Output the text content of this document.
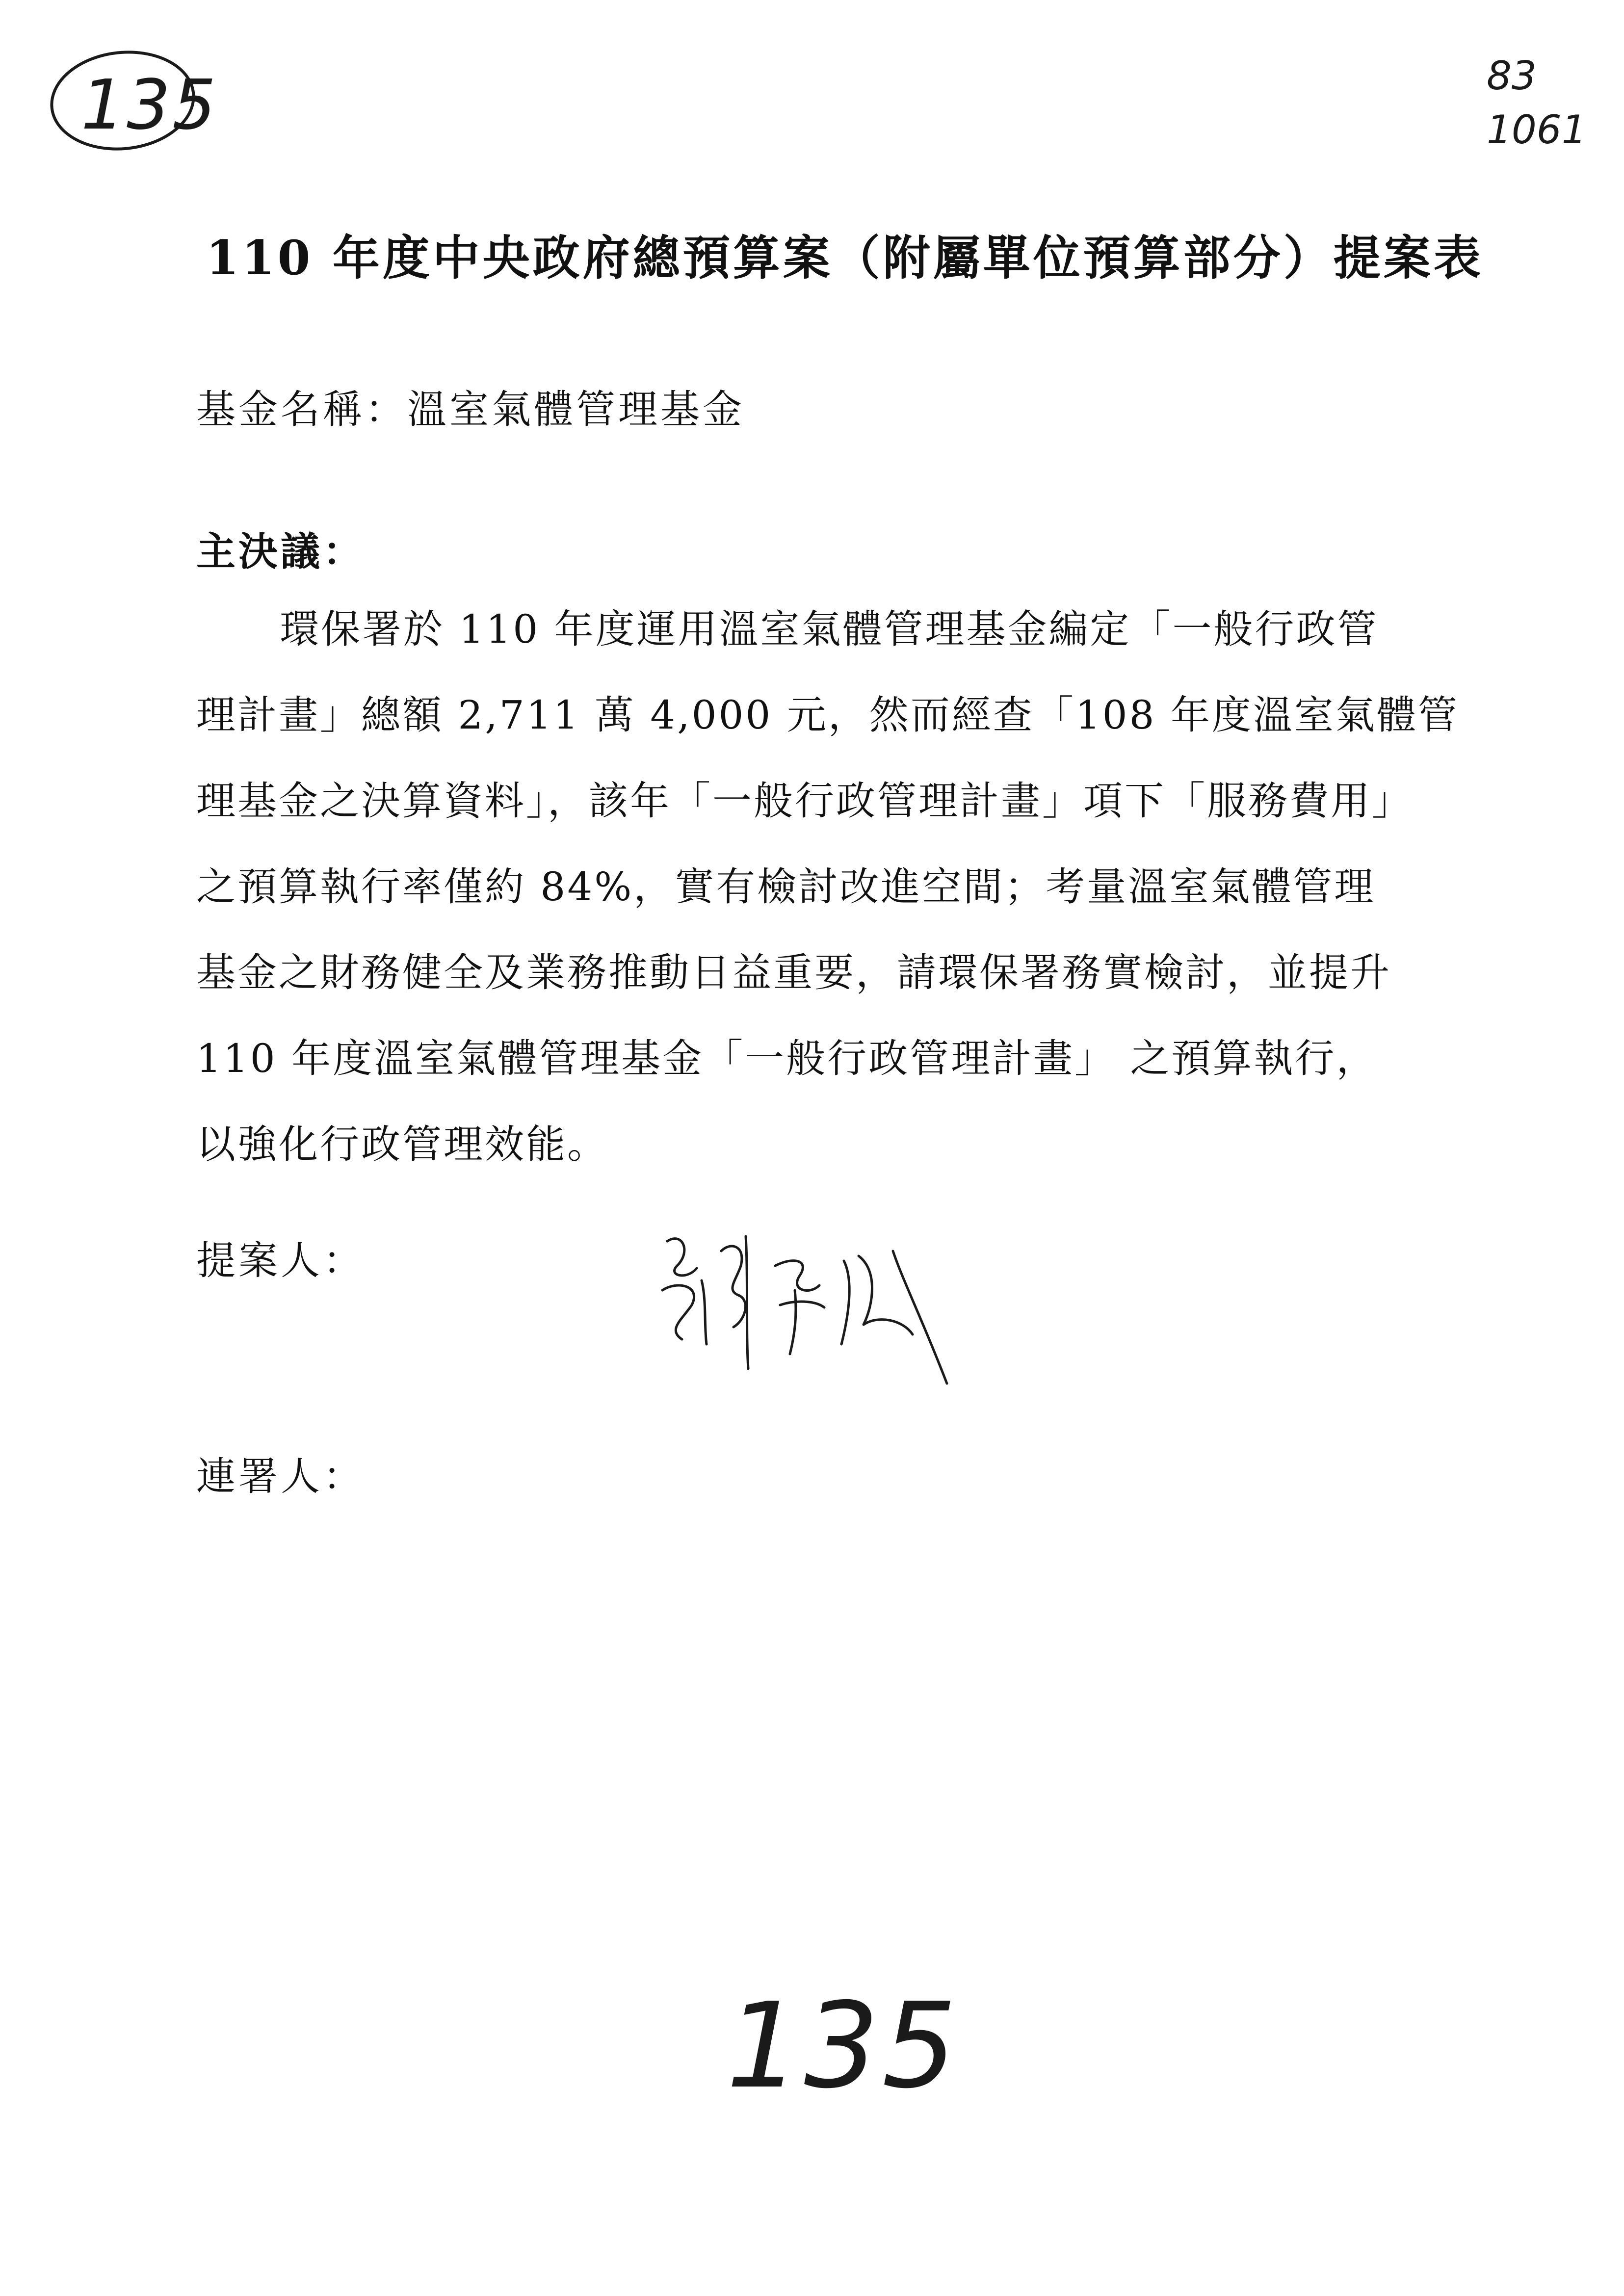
135	83
1061
110 年度中央政府總預算案（附屬單位預算部分）提案表
基金名稱：溫室氣體管理基金
主決議：
環保署於 110 年度運用溫室氣體管理基金編定「一般行政管
理計畫」總額 2,711 萬 4,000 元，然而經查「108 年度溫室氣體管
理基金之決算資料」，該年「一般行政管理計畫」項下「服務費用」
之預算執行率僅約 84%，實有檢討改進空間；考量溫室氣體管理
基金之財務健全及業務推動日益重要，請環保署務實檢討，並提升
110 年度溫室氣體管理基金「一般行政管理計畫」 之預算執行，
以強化行政管理效能。
提案人：
連署人：
135
